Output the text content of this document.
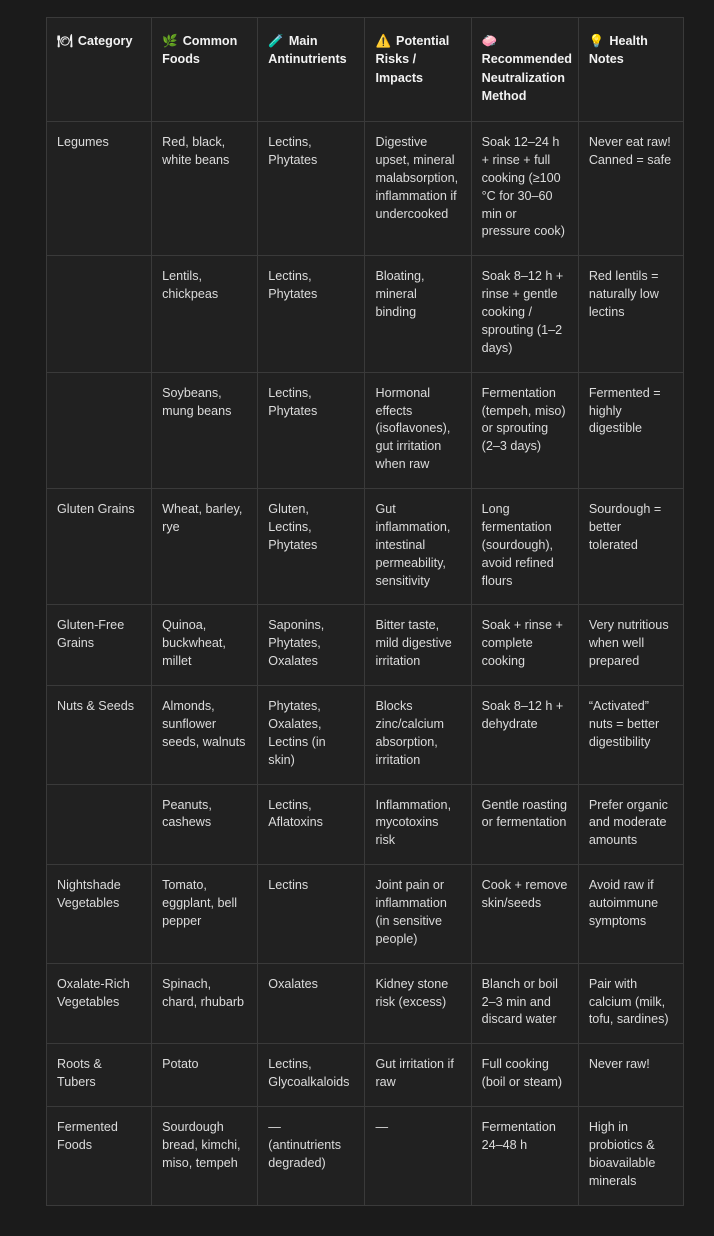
🍽 Category	🌿 Common Foods	🧪 Main Antinutrients	⚠️ Potential Risks / Impacts	🧼Recommended Neutralization Method	💡 Health Notes

Legumes	Red, black, white beans	Lectins, Phytates	Digestive upset, mineral malabsorption, inflammation if undercooked	Soak 12–24 h + rinse + full cooking (≥100 °C for 30–60 min or pressure cook)	Never eat raw! Canned = safe
	Lentils, chickpeas	Lectins, Phytates	Bloating, mineral binding	Soak 8–12 h + rinse + gentle cooking / sprouting (1–2 days)	Red lentils = naturally low lectins
	Soybeans, mung beans	Lectins, Phytates	Hormonal effects (isoflavones), gut irritation when raw	Fermentation (tempeh, miso) or sprouting (2–3 days)	Fermented = highly digestible
Gluten Grains	Wheat, barley, rye	Gluten, Lectins, Phytates	Gut inflammation, intestinal permeability, sensitivity	Long fermentation (sourdough), avoid refined flours	Sourdough = better tolerated
Gluten-Free Grains	Quinoa, buckwheat, millet	Saponins, Phytates, Oxalates	Bitter taste, mild digestive irritation	Soak + rinse + complete cooking	Very nutritious when well prepared
Nuts & Seeds	Almonds, sunflower seeds, walnuts	Phytates, Oxalates, Lectins (in skin)	Blocks zinc/calcium absorption, irritation	Soak 8–12 h + dehydrate	“Activated” nuts = better digestibility
	Peanuts, cashews	Lectins, Aflatoxins	Inflammation, mycotoxins risk	Gentle roasting or fermentation	Prefer organic and moderate amounts
Nightshade Vegetables	Tomato, eggplant, bell pepper	Lectins	Joint pain or inflammation (in sensitive people)	Cook + remove skin/seeds	Avoid raw if autoimmune symptoms
Oxalate-Rich Vegetables	Spinach, chard, rhubarb	Oxalates	Kidney stone risk (excess)	Blanch or boil 2–3 min and discard water	Pair with calcium (milk, tofu, sardines)
Roots & Tubers	Potato	Lectins, Glycoalkaloids	Gut irritation if raw	Full cooking (boil or steam)	Never raw!
Fermented Foods	Sourdough bread, kimchi, miso, tempeh	— (antinutrients degraded)	—	Fermentation 24–48 h	High in probiotics & bioavailable minerals
